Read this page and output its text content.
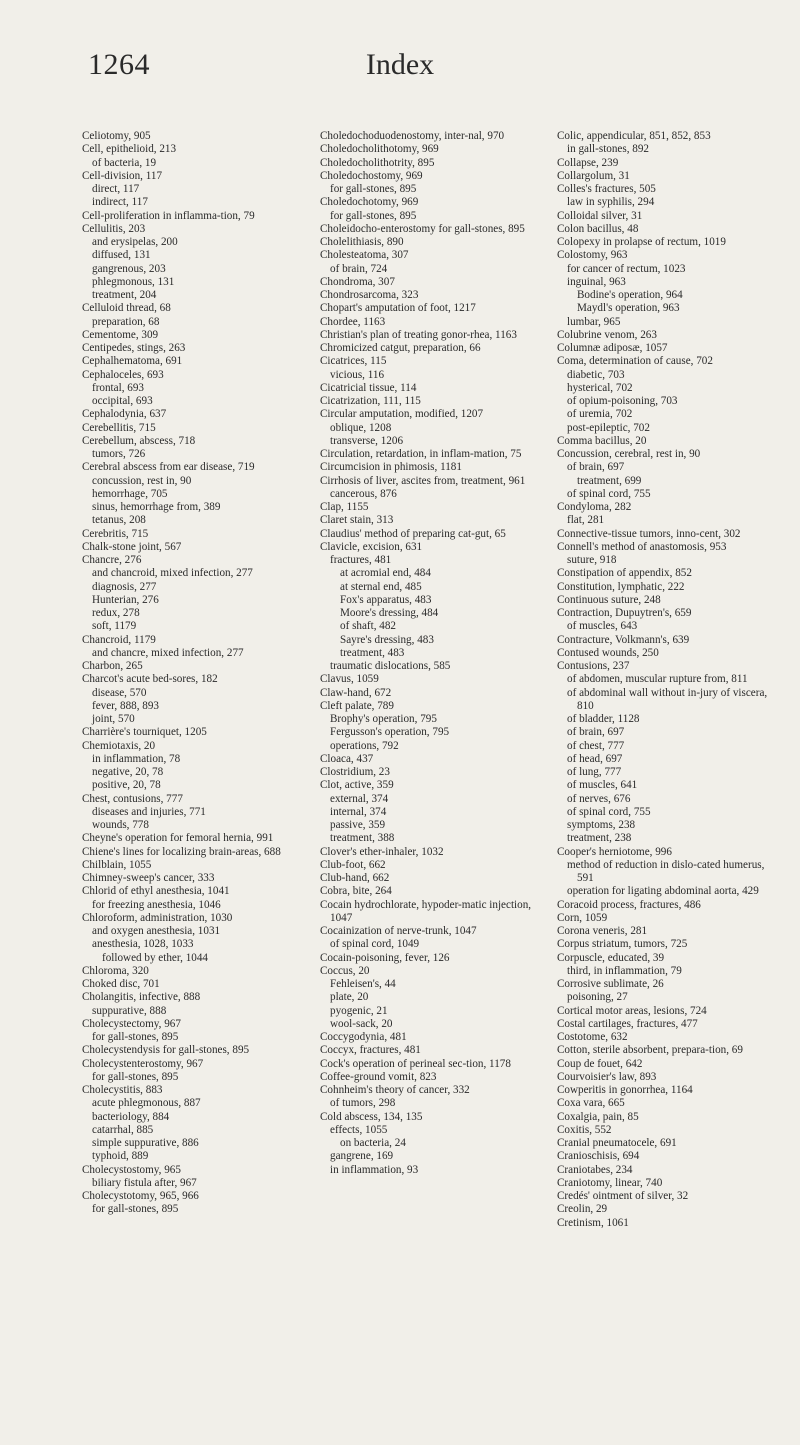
Index
1264
Celiotomy, 905
Cell, epithelioid, 213
of bacteria, 19
Cell-division, 117
direct, 117
indirect, 117
Cell-proliferation in inflamma-tion, 79
Cellulitis, 203
and erysipelas, 200
diffused, 131
gangrenous, 203
phlegmonous, 131
treatment, 204
Celluloid thread, 68
preparation, 68
Cementome, 309
Centipedes, stings, 263
Cephalhematoma, 691
Cephaloceles, 693
frontal, 693
occipital, 693
Cephalodynia, 637
Cerebellitis, 715
Cerebellum, abscess, 718
tumors, 726
Cerebral abscess from ear disease, 719
concussion, rest in, 90
hemorrhage, 705
sinus, hemorrhage from, 389
tetanus, 208
Cerebritis, 715
Chalk-stone joint, 567
Chancre, 276
and chancroid, mixed infection, 277
diagnosis, 277
Hunterian, 276
redux, 278
soft, 1179
Chancroid, 1179
and chancre, mixed infection, 277
Charbon, 265
Charcot's acute bed-sores, 182
disease, 570
fever, 888, 893
joint, 570
Charrière's tourniquet, 1205
Chemiotaxis, 20
in inflammation, 78
negative, 20, 78
positive, 20, 78
Chest, contusions, 777
diseases and injuries, 771
wounds, 778
Cheyne's operation for femoral hernia, 991
Chiene's lines for localizing brain-areas, 688
Chilblain, 1055
Chimney-sweep's cancer, 333
Chlorid of ethyl anesthesia, 1041
for freezing anesthesia, 1046
Chloroform, administration, 1030
and oxygen anesthesia, 1031
anesthesia, 1028, 1033
followed by ether, 1044
Chloroma, 320
Choked disc, 701
Cholangitis, infective, 888
suppurative, 888
Cholecystectomy, 967
for gall-stones, 895
Cholecystendysis for gall-stones, 895
Cholecystenterostomy, 967
for gall-stones, 895
Cholecystitis, 883
acute phlegmonous, 887
bacteriology, 884
catarrhal, 885
simple suppurative, 886
typhoid, 889
Cholecystostomy, 965
biliary fistula after, 967
Cholecystotomy, 965, 966
for gall-stones, 895
Choledochoduodenostomy, inter-nal, 970
Choledocholithotomy, 969
Choledocholithotrity, 895
Choledochostomy, 969
for gall-stones, 895
Choledochotomy, 969
for gall-stones, 895
Choleidocho-enterostomy for gall-stones, 895
Cholelithiasis, 890
Cholesteatoma, 307
of brain, 724
Chondroma, 307
Chondrosarcoma, 323
Chopart's amputation of foot, 1217
Chordee, 1163
Christian's plan of treating gonor-rhea, 1163
Chromicized catgut, preparation, 66
Cicatrices, 115
vicious, 116
Cicatricial tissue, 114
Cicatrization, 111, 115
Circular amputation, modified, 1207
oblique, 1208
transverse, 1206
Circulation, retardation, in inflam-mation, 75
Circumcision in phimosis, 1181
Cirrhosis of liver, ascites from, treatment, 961
cancerous, 876
Clap, 1155
Claret stain, 313
Claudius' method of preparing cat-gut, 65
Clavicle, excision, 631
fractures, 481
at acromial end, 484
at sternal end, 485
Fox's apparatus, 483
Moore's dressing, 484
of shaft, 482
Sayre's dressing, 483
treatment, 483
traumatic dislocations, 585
Clavus, 1059
Claw-hand, 672
Cleft palate, 789
Brophy's operation, 795
Fergusson's operation, 795
operations, 792
Cloaca, 437
Clostridium, 23
Clot, active, 359
external, 374
internal, 374
passive, 359
treatment, 388
Clover's ether-inhaler, 1032
Club-foot, 662
Club-hand, 662
Cobra, bite, 264
Cocain hydrochlorate, hypoder-matic injection, 1047
Cocainization of nerve-trunk, 1047
of spinal cord, 1049
Cocain-poisoning, fever, 126
Coccus, 20
Fehleisen's, 44
plate, 20
pyogenic, 21
wool-sack, 20
Coccygodynia, 481
Coccyx, fractures, 481
Cock's operation of perineal sec-tion, 1178
Coffee-ground vomit, 823
Cohnheim's theory of cancer, 332
of tumors, 298
Cold abscess, 134, 135
effects, 1055
on bacteria, 24
gangrene, 169
in inflammation, 93
Colic, appendicular, 851, 852, 853
in gall-stones, 892
Collapse, 239
Collargolum, 31
Colles's fractures, 505
law in syphilis, 294
Colloidal silver, 31
Colon bacillus, 48
Colopexy in prolapse of rectum, 1019
Colostomy, 963
for cancer of rectum, 1023
inguinal, 963
Bodine's operation, 964
Maydl's operation, 963
lumbar, 965
Colubrine venom, 263
Columnæ adiposæ, 1057
Coma, determination of cause, 702
diabetic, 703
hysterical, 702
of opium-poisoning, 703
of uremia, 702
post-epileptic, 702
Comma bacillus, 20
Concussion, cerebral, rest in, 90
of brain, 697
treatment, 699
of spinal cord, 755
Condyloma, 282
flat, 281
Connective-tissue tumors, inno-cent, 302
Connell's method of anastomosis, 953
suture, 918
Constipation of appendix, 852
Constitution, lymphatic, 222
Continuous suture, 248
Contraction, Dupuytren's, 659
of muscles, 643
Contracture, Volkmann's, 639
Contused wounds, 250
Contusions, 237
of abdomen, muscular rupture from, 811
of abdominal wall without in-jury of viscera, 810
of bladder, 1128
of brain, 697
of chest, 777
of head, 697
of lung, 777
of muscles, 641
of nerves, 676
of spinal cord, 755
symptoms, 238
treatment, 238
Cooper's herniotome, 996
method of reduction in dislo-cated humerus, 591
operation for ligating abdominal aorta, 429
Coracoid process, fractures, 486
Corn, 1059
Corona veneris, 281
Corpus striatum, tumors, 725
Corpuscle, educated, 39
third, in inflammation, 79
Corrosive sublimate, 26
poisoning, 27
Cortical motor areas, lesions, 724
Costal cartilages, fractures, 477
Costotome, 632
Cotton, sterile absorbent, prepara-tion, 69
Coup de fouet, 642
Courvoisier's law, 893
Cowperitis in gonorrhea, 1164
Coxa vara, 665
Coxalgia, pain, 85
Coxitis, 552
Cranial pneumatocele, 691
Cranioschisis, 694
Craniotabes, 234
Craniotomy, linear, 740
Credés' ointment of silver, 32
Creolin, 29
Cretinism, 1061
